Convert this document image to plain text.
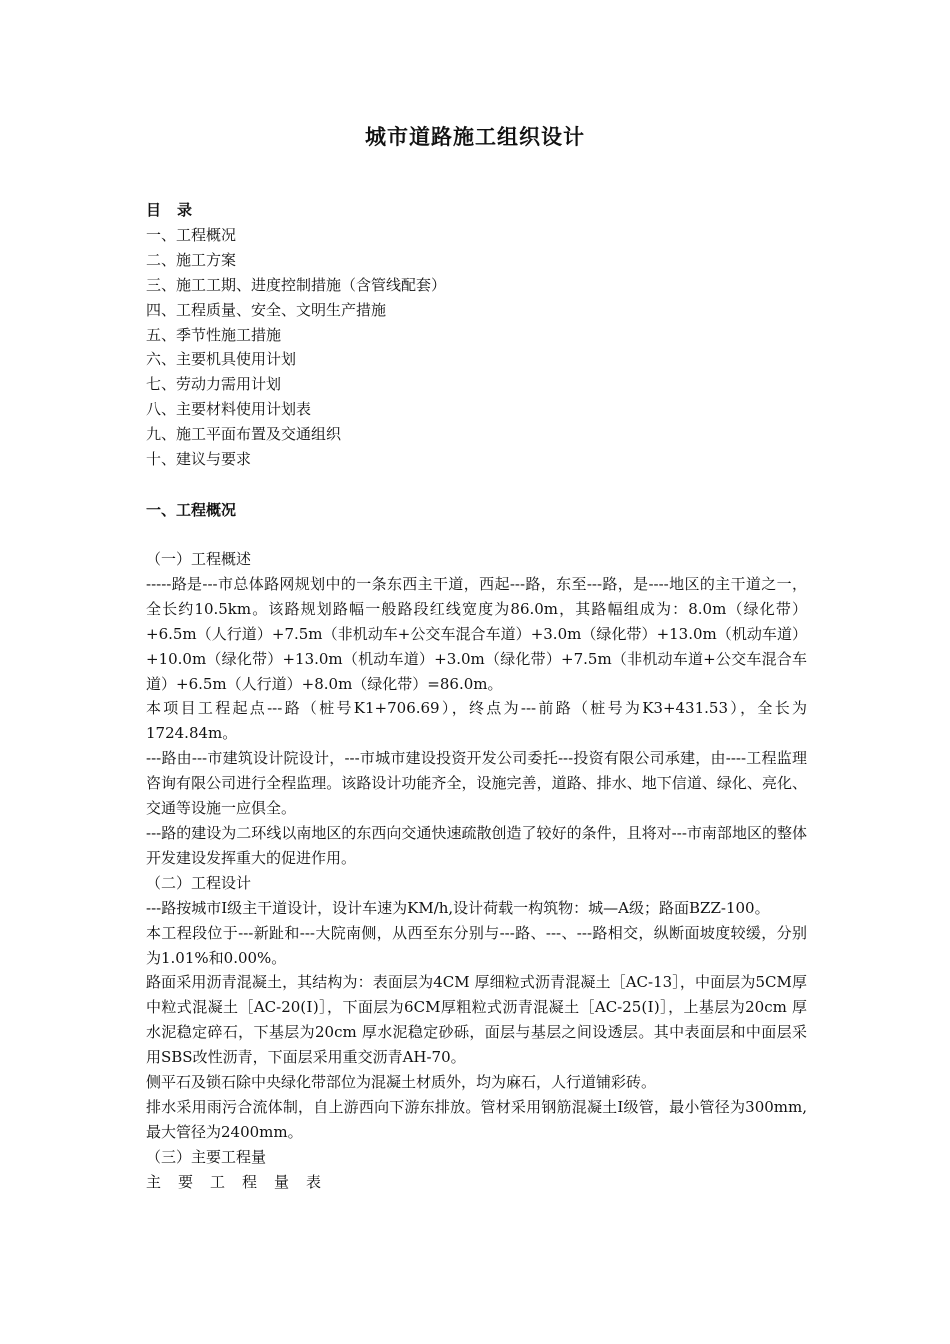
城市道路施工组织设计
目 录
一、工程概况
二、施工方案
三、施工工期、进度控制措施（含管线配套）
四、工程质量、安全、文明生产措施
五、季节性施工措施
六、主要机具使用计划
七、劳动力需用计划
八、主要材料使用计划表
九、施工平面布置及交通组织
十、建议与要求
一、工程概况

（一）工程概述

-----路是---市总体路网规划中的一条东西主干道，西起---路，东至---路，是----地区的主干道之一，全长约10.5km。该路规划路幅一般路段红线宽度为86.0m，其路幅组成为：8.0m（绿化带）+6.5m（人行道）+7.5m（非机动车+公交车混合车道）+3.0m（绿化带）+13.0m（机动车道）+10.0m（绿化带）+13.0m（机动车道）+3.0m（绿化带）+7.5m（非机动车道+公交车混合车道）+6.5m（人行道）+8.0m（绿化带）=86.0m。

本项目工程起点---路（桩号K1+706.69），终点为---前路（桩号为K3+431.53），全长为1724.84m。

---路由---市建筑设计院设计，---市城市建设投资开发公司委托---投资有限公司承建，由----工程监理咨询有限公司进行全程监理。该路设计功能齐全，设施完善，道路、排水、地下信道、绿化、亮化、交通等设施一应俱全。

---路的建设为二环线以南地区的东西向交通快速疏散创造了较好的条件，且将对---市南部地区的整体开发建设发挥重大的促进作用。

（二）工程设计

---路按城市Ⅰ级主干道设计，设计车速为KM/h,设计荷载一构筑物：城—A级；路面BZZ-100。

本工程段位于---新趾和---大院南侧，从西至东分别与---路、---、---路相交，纵断面坡度较缓，分别为1.01%和0.00%。

路面采用沥青混凝土，其结构为：表面层为4CM 厚细粒式沥青混凝土［AC-13］，中面层为5CM厚中粒式混凝土［AC-20(Ⅰ)］，下面层为6CM厚粗粒式沥青混凝土［AC-25(Ⅰ)］，上基层为20cm 厚水泥稳定碎石，下基层为20cm 厚水泥稳定砂砾，面层与基层之间设透层。其中表面层和中面层采用SBS改性沥青，下面层采用重交沥青AH-70。

侧平石及锁石除中央绿化带部位为混凝土材质外，均为麻石，人行道铺彩砖。

排水采用雨污合流体制，自上游西向下游东排放。管材采用钢筋混凝土Ⅰ级管，最小管径为300mm,最大管径为2400mm。

（三）主要工程量

主要工程量表
